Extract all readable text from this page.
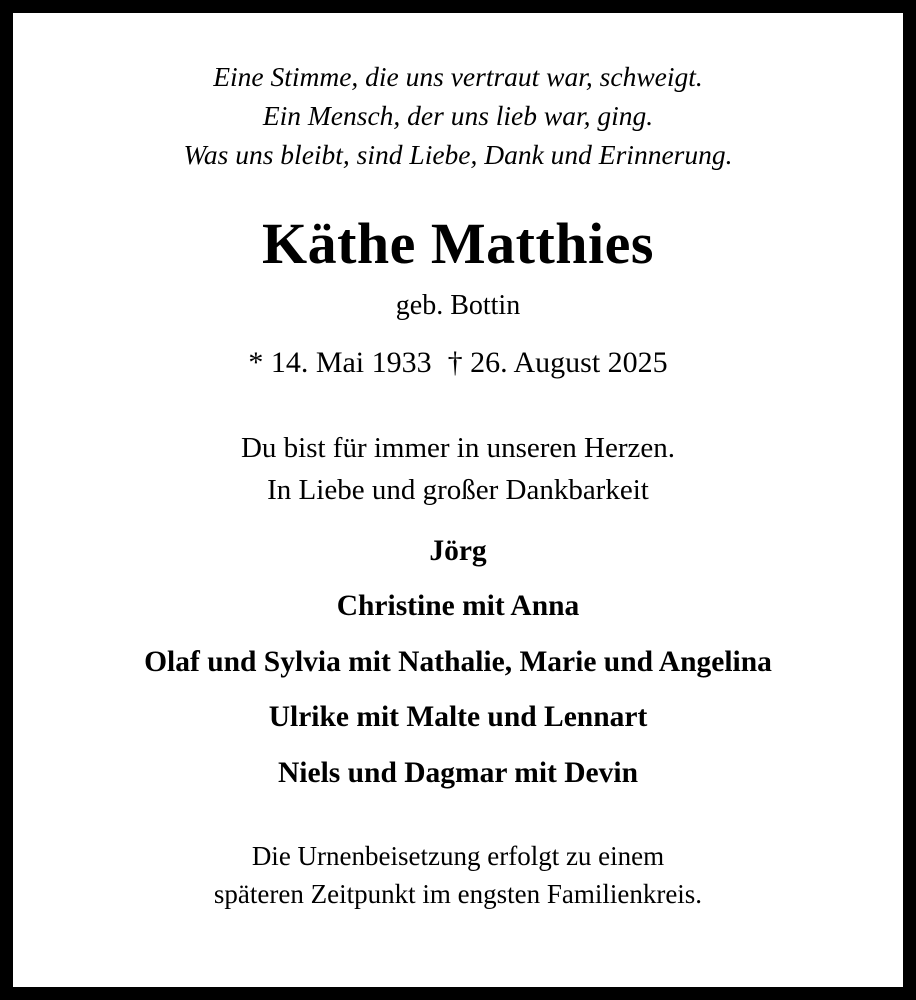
Eine Stimme, die uns vertraut war, schweigt.
Ein Mensch, der uns lieb war, ging.
Was uns bleibt, sind Liebe, Dank und Erinnerung.
Käthe Matthies
geb. Bottin
* 14. Mai 1933 † 26. August 2025
Du bist für immer in unseren Herzen.
In Liebe und großer Dankbarkeit
Jörg
Christine mit Anna
Olaf und Sylvia mit Nathalie, Marie und Angelina
Ulrike mit Malte und Lennart
Niels und Dagmar mit Devin
Die Urnenbeisetzung erfolgt zu einem
späteren Zeitpunkt im engsten Familienkreis.
